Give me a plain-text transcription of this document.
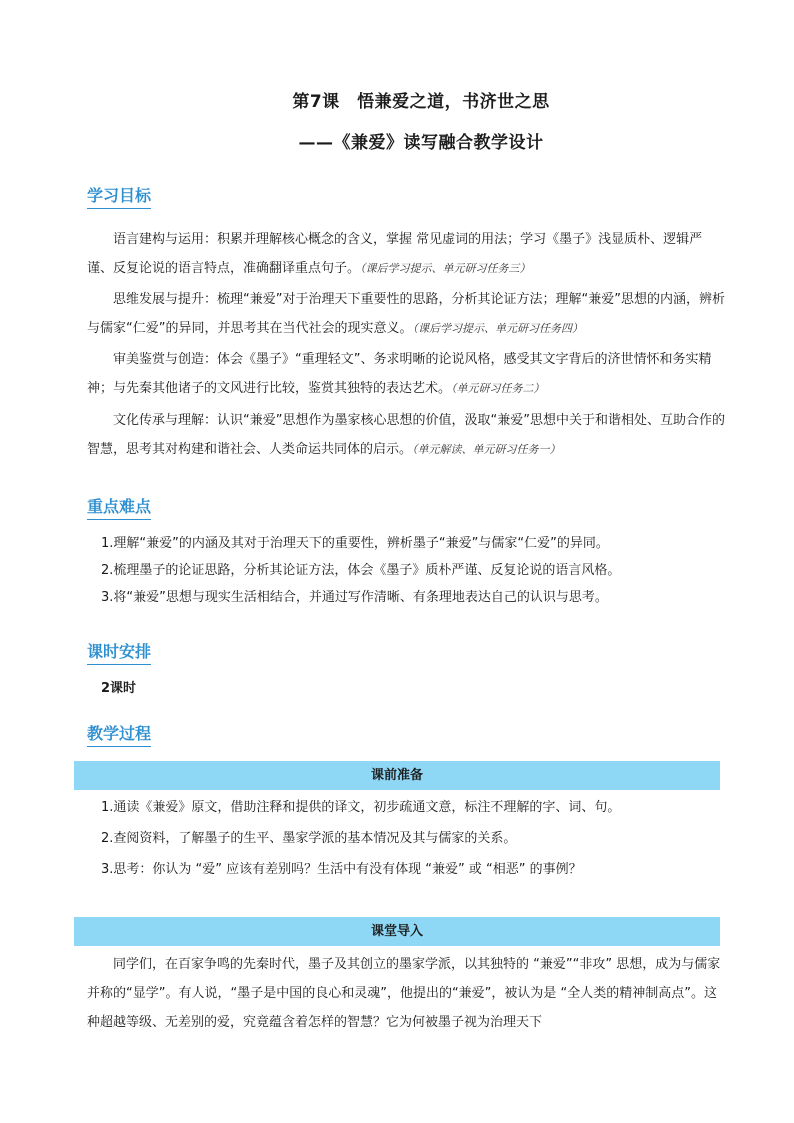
第7课　悟兼爱之道，书济世之思
——《兼爱》读写融合教学设计
学习目标
语言建构与运用：积累并理解核心概念的含义，掌握 常见虚词的用法；学习《墨子》浅显质朴、逻辑严谨、反复论说的语言特点，准确翻译重点句子。（课后学习提示、单元研习任务三）
思维发展与提升：梳理“兼爱”对于治理天下重要性的思路，分析其论证方法；理解“兼爱”思想的内涵，辨析与儒家“仁爱”的异同，并思考其在当代社会的现实意义。（课后学习提示、单元研习任务四）
审美鉴赏与创造：体会《墨子》“重理轻文”、务求明晰的论说风格，感受其文字背后的济世情怀和务实精神；与先秦其他诸子的文风进行比较，鉴赏其独特的表达艺术。（单元研习任务二）
文化传承与理解：认识“兼爱”思想作为墨家核心思想的价值，汲取“兼爱”思想中关于和谐相处、互助合作的智慧，思考其对构建和谐社会、人类命运共同体的启示。（单元解读、单元研习任务一）
重点难点
1.理解“兼爱”的内涵及其对于治理天下的重要性，辨析墨子“兼爱”与儒家“仁爱”的异同。
2.梳理墨子的论证思路，分析其论证方法，体会《墨子》质朴严谨、反复论说的语言风格。
3.将“兼爱”思想与现实生活相结合，并通过写作清晰、有条理地表达自己的认识与思考。
课时安排
2课时
教学过程
课前准备
1.通读《兼爱》原文，借助注释和提供的译文，初步疏通文意，标注不理解的字、词、句。
2.查阅资料，了解墨子的生平、墨家学派的基本情况及其与儒家的关系。
3.思考：你认为 “爱” 应该有差别吗？生活中有没有体现 “兼爱” 或 “相恶” 的事例？
课堂导入
同学们，在百家争鸣的先秦时代，墨子及其创立的墨家学派，以其独特的 “兼爱”“非攻” 思想，成为与儒家并称的“显学”。有人说，“墨子是中国的良心和灵魂”，他提出的“兼爱”，被认为是 “全人类的精神制高点”。这种超越等级、无差别的爱，究竟蕴含着怎样的智慧？它为何被墨子视为治理天下
